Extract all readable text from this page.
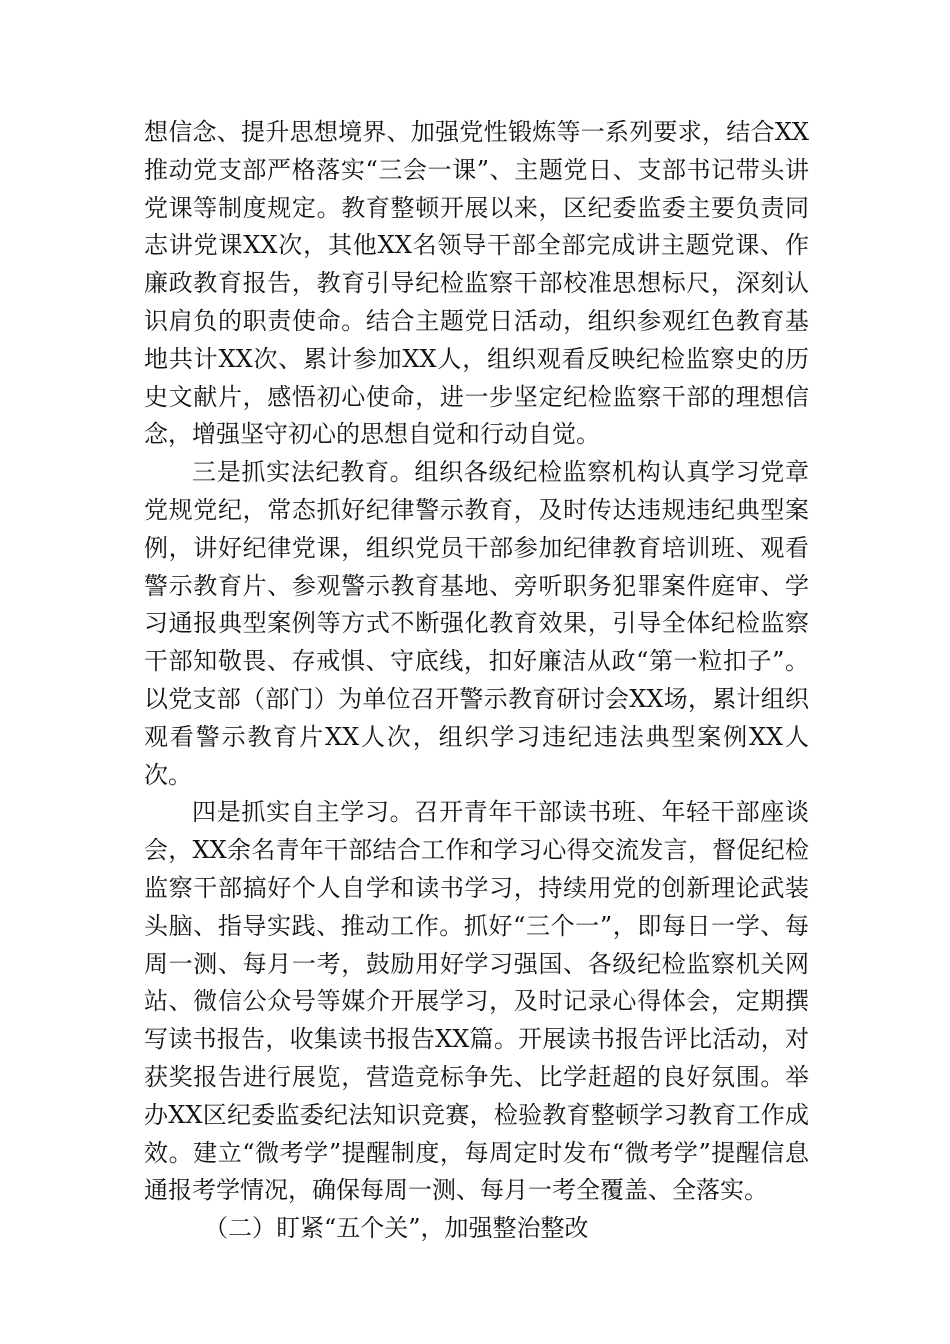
想信念、提升思想境界、加强党性锻炼等一系列要求，结合XX推动党支部严格落实“三会一课”、主题党日、支部书记带头讲党课等制度规定。教育整顿开展以来，区纪委监委主要负责同志讲党课XX次，其他XX名领导干部全部完成讲主题党课、作廉政教育报告，教育引导纪检监察干部校准思想标尺，深刻认识肩负的职责使命。结合主题党日活动，组织参观红色教育基地共计XX次、累计参加XX人，组织观看反映纪检监察史的历史文献片，感悟初心使命，进一步坚定纪检监察干部的理想信念，增强坚守初心的思想自觉和行动自觉。

三是抓实法纪教育。组织各级纪检监察机构认真学习党章党规党纪，常态抓好纪律警示教育，及时传达违规违纪典型案例，讲好纪律党课，组织党员干部参加纪律教育培训班、观看警示教育片、参观警示教育基地、旁听职务犯罪案件庭审、学习通报典型案例等方式不断强化教育效果，引导全体纪检监察干部知敬畏、存戒惧、守底线，扣好廉洁从政“第一粒扣子”。以党支部（部门）为单位召开警示教育研讨会XX场，累计组织观看警示教育片XX人次，组织学习违纪违法典型案例XX人次。

四是抓实自主学习。召开青年干部读书班、年轻干部座谈会，XX余名青年干部结合工作和学习心得交流发言，督促纪检监察干部搞好个人自学和读书学习，持续用党的创新理论武装头脑、指导实践、推动工作。抓好“三个一”，即每日一学、每周一测、每月一考，鼓励用好学习强国、各级纪检监察机关网站、微信公众号等媒介开展学习，及时记录心得体会，定期撰写读书报告，收集读书报告XX篇。开展读书报告评比活动，对获奖报告进行展览，营造竞标争先、比学赶超的良好氛围。举办XX区纪委监委纪法知识竞赛，检验教育整顿学习教育工作成效。建立“微考学”提醒制度，每周定时发布“微考学”提醒信息通报考学情况，确保每周一测、每月一考全覆盖、全落实。

（二）盯紧“五个关”，加强整治整改
